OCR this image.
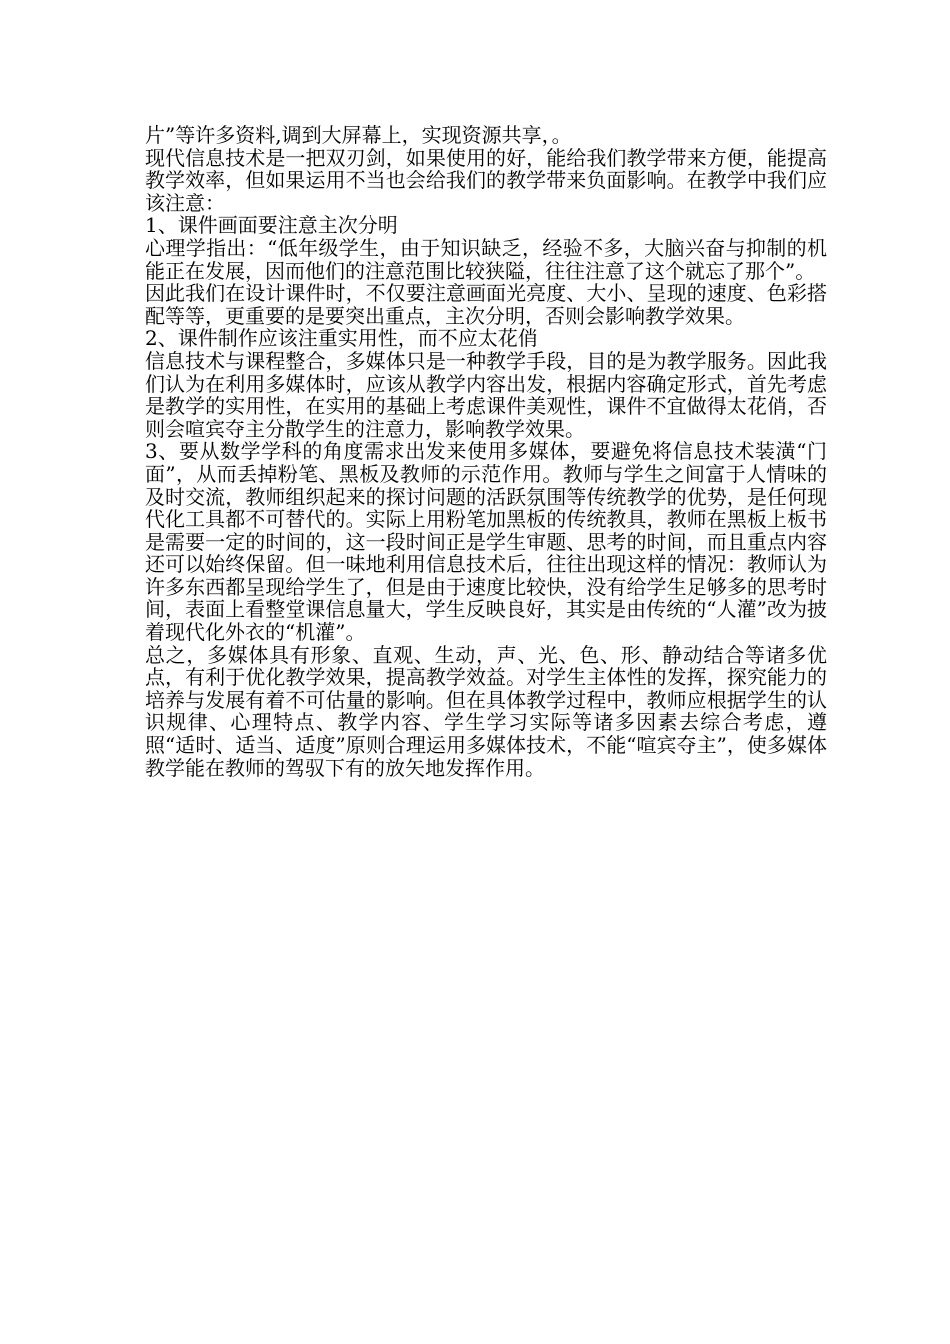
片”等许多资料,调到大屏幕上，实现资源共享，。

现代信息技术是一把双刃剑，如果使用的好，能给我们教学带来方便，能提高教学效率，但如果运用不当也会给我们的教学带来负面影响。在教学中我们应该注意：

1、课件画面要注意主次分明

心理学指出：“低年级学生，由于知识缺乏，经验不多，大脑兴奋与抑制的机能正在发展，因而他们的注意范围比较狭隘，往往注意了这个就忘了那个”。

因此我们在设计课件时，不仅要注意画面光亮度、大小、呈现的速度、色彩搭配等等，更重要的是要突出重点，主次分明，否则会影响教学效果。

2、课件制作应该注重实用性，而不应太花俏

信息技术与课程整合，多媒体只是一种教学手段，目的是为教学服务。因此我们认为在利用多媒体时，应该从教学内容出发，根据内容确定形式，首先考虑是教学的实用性，在实用的基础上考虑课件美观性，课件不宜做得太花俏，否则会喧宾夺主分散学生的注意力，影响教学效果。

3、要从数学学科的角度需求出发来使用多媒体，要避免将信息技术装潢“门面”，从而丢掉粉笔、黑板及教师的示范作用。教师与学生之间富于人情味的及时交流，教师组织起来的探讨问题的活跃氛围等传统教学的优势，是任何现代化工具都不可替代的。实际上用粉笔加黑板的传统教具，教师在黑板上板书是需要一定的时间的，这一段时间正是学生审题、思考的时间，而且重点内容还可以始终保留。但一味地利用信息技术后，往往出现这样的情况：教师认为许多东西都呈现给学生了，但是由于速度比较快，没有给学生足够多的思考时间，表面上看整堂课信息量大，学生反映良好，其实是由传统的“人灌”改为披着现代化外衣的“机灌”。

总之，多媒体具有形象、直观、生动，声、光、色、形、静动结合等诸多优点，有利于优化教学效果，提高教学效益。对学生主体性的发挥，探究能力的培养与发展有着不可估量的影响。但在具体教学过程中，教师应根据学生的认识规律、心理特点、教学内容、学生学习实际等诸多因素去综合考虑，遵照“适时、适当、适度”原则合理运用多媒体技术，不能“喧宾夺主”，使多媒体教学能在教师的驾驭下有的放矢地发挥作用。
